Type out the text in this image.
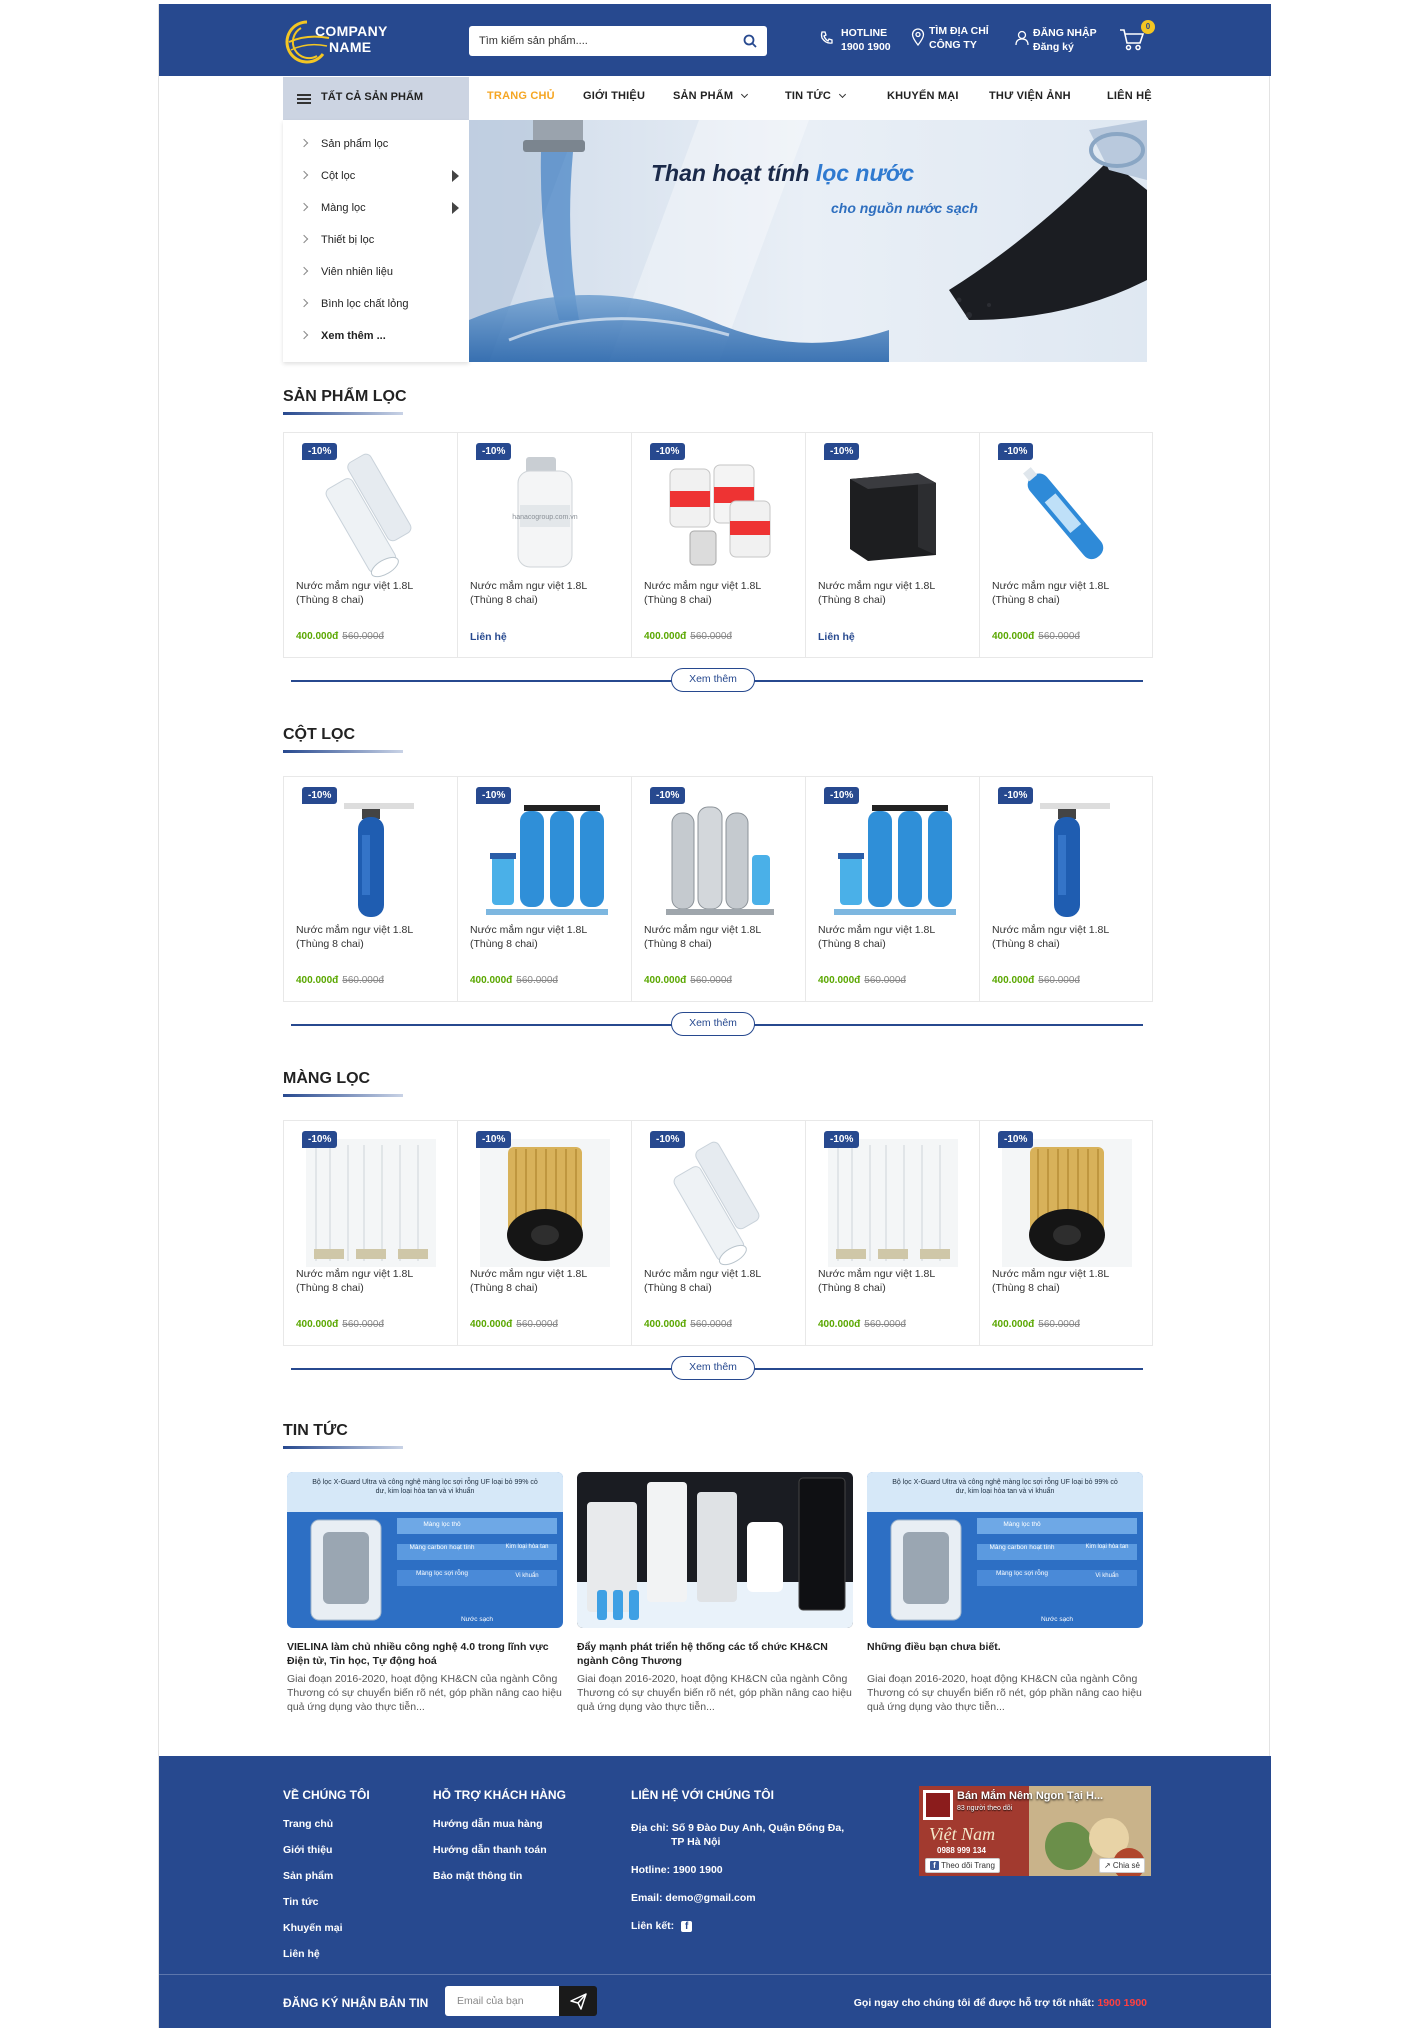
COMPANY
NAME
Tìm kiếm sản phẩm....
HOTLINE
1900 1900
TÌM ĐỊA CHỈ
CÔNG TY
ĐĂNG NHẬP
Đăng ký
0
TẤT CẢ SẢN PHẨM	TRANG CHỦ	GIỚI THIỆU	SẢN PHẨM	TIN TỨC	KHUYẾN MẠI	THƯ VIỆN ẢNH	LIÊN HỆ
Sản phẩm lọc
Cột lọc
Màng lọc
Thiết bị lọc
Viên nhiên liệu
Bình lọc chất lỏng
Xem thêm ...
Than hoạt tính lọc nước
cho nguồn nước sạch
SẢN PHẨM LỌC
-10%
Nước mắm ngư việt 1.8L (Thùng 8 chai)
400.000đ 560.000đ
hanacogroup.com.vn
-10%
Nước mắm ngư việt 1.8L (Thùng 8 chai)
Liên hệ
-10%
Nước mắm ngư việt 1.8L (Thùng 8 chai)
400.000đ 560.000đ
-10%
Nước mắm ngư việt 1.8L (Thùng 8 chai)
Liên hệ
-10%
Nước mắm ngư việt 1.8L (Thùng 8 chai)
400.000đ 560.000đ
Xem thêm
CỘT LỌC
-10%
Nước mắm ngư việt 1.8L (Thùng 8 chai)
400.000đ 560.000đ
-10%
Nước mắm ngư việt 1.8L (Thùng 8 chai)
400.000đ 560.000đ
-10%
Nước mắm ngư việt 1.8L (Thùng 8 chai)
400.000đ 560.000đ
-10%
Nước mắm ngư việt 1.8L (Thùng 8 chai)
400.000đ 560.000đ
-10%
Nước mắm ngư việt 1.8L (Thùng 8 chai)
400.000đ 560.000đ
Xem thêm
MÀNG LỌC
-10%
Nước mắm ngư việt 1.8L (Thùng 8 chai)
400.000đ 560.000đ
-10%
Nước mắm ngư việt 1.8L (Thùng 8 chai)
400.000đ 560.000đ
-10%
Nước mắm ngư việt 1.8L (Thùng 8 chai)
400.000đ 560.000đ
-10%
Nước mắm ngư việt 1.8L (Thùng 8 chai)
400.000đ 560.000đ
-10%
Nước mắm ngư việt 1.8L (Thùng 8 chai)
400.000đ 560.000đ
Xem thêm
TIN TỨC
Bộ lọc X-Guard Ultra và công nghệ màng lọc sợi rỗng UF loại bỏ 99% cỏ dư, kim loại hòa tan và vi khuẩn
Màng lọc thô
Màng carbon hoạt tính
Màng lọc sợi rỗng
Kim loại hòa tan
Vi khuẩn
Nước sạch
VIELINA làm chủ nhiều công nghệ 4.0 trong lĩnh vực Điện tử, Tin học, Tự động hoá
Giai đoạn 2016-2020, hoạt động KH&CN của ngành Công Thương có sự chuyển biến rõ nét, góp phần nâng cao hiệu quả ứng dụng vào thực tiễn...
Đẩy mạnh phát triển hệ thống các tổ chức KH&CN ngành Công Thương
Giai đoạn 2016-2020, hoạt động KH&CN của ngành Công Thương có sự chuyển biến rõ nét, góp phần nâng cao hiệu quả ứng dụng vào thực tiễn...
Bộ lọc X-Guard Ultra và công nghệ màng lọc sợi rỗng UF loại bỏ 99% cỏ dư, kim loại hòa tan và vi khuẩn
Màng lọc thô
Màng carbon hoạt tính
Màng lọc sợi rỗng
Kim loại hòa tan
Vi khuẩn
Nước sạch
Những điều bạn chưa biết.
Giai đoạn 2016-2020, hoạt động KH&CN của ngành Công Thương có sự chuyển biến rõ nét, góp phần nâng cao hiệu quả ứng dụng vào thực tiễn...
VỀ CHÚNG TÔI
Trang chủ
Giới thiệu
Sản phẩm
Tin tức
Khuyến mại
Liên hệ
HỖ TRỢ KHÁCH HÀNG
Hướng dẫn mua hàng
Hướng dẫn thanh toán
Bảo mật thông tin
LIÊN HỆ VỚI CHÚNG TÔI
Địa chỉ: Số 9 Đào Duy Anh, Quận Đống Đa,
TP Hà Nội
Hotline: 1900 1900
Email: demo@gmail.com
Liên kết: f
Bán Mắm Nêm Ngon Tại H...
83 người theo dõi
Việt Nam
0988 999 134
f Theo dõi Trang	↗ Chia sẻ
ĐĂNG KÝ NHẬN BẢN TIN
Email của bạn	Gọi ngay cho chúng tôi để được hỗ trợ tốt nhất: 1900 1900
